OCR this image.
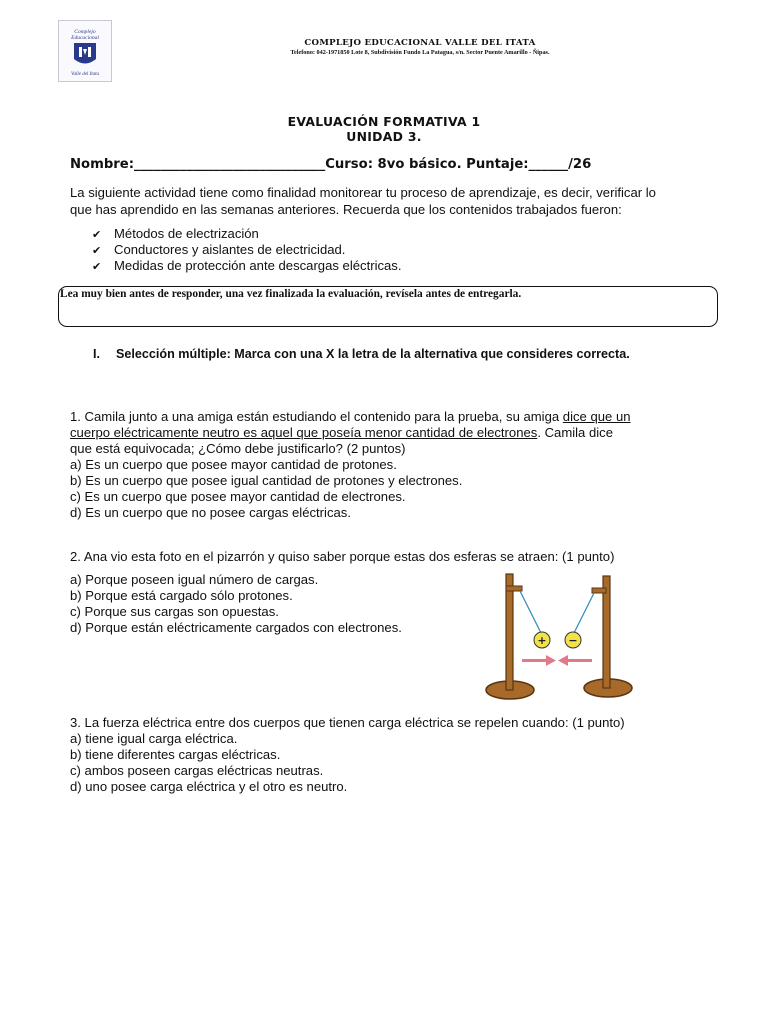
Complejo
Educacional
Valle del Itata
COMPLEJO EDUCACIONAL VALLE DEL ITATA
Telefono: 042-1971850 Lote 8, Subdivisión Fundo La Patagua, s/n. Sector Puente Amarillo - Ñipas.
EVALUACIÓN FORMATIVA 1
UNIDAD 3.
Nombre:_____________________________Curso: 8vo básico. Puntaje:______/26
La siguiente actividad tiene como finalidad monitorear tu proceso de aprendizaje, es decir, verificar lo
que has aprendido en las semanas anteriores. Recuerda que los contenidos trabajados fueron:
✔ Métodos de electrización
✔ Conductores y aislantes de electricidad.
✔ Medidas de protección ante descargas eléctricas.
Lea muy bien antes de responder, una vez finalizada la evaluación, revísela antes de entregarla.
I. Selección múltiple: Marca con una X la letra de la alternativa que consideres correcta.
1. Camila junto a una amiga están estudiando el contenido para la prueba, su amiga dice que un
cuerpo eléctricamente neutro es aquel que poseía menor cantidad de electrones. Camila dice
que está equivocada; ¿Cómo debe justificarlo? (2 puntos)
a) Es un cuerpo que posee mayor cantidad de protones.
b) Es un cuerpo que posee igual cantidad de protones y electrones.
c) Es un cuerpo que posee mayor cantidad de electrones.
d) Es un cuerpo que no posee cargas eléctricas.
2. Ana vio esta foto en el pizarrón y quiso saber porque estas dos esferas se atraen: (1 punto)
a) Porque poseen igual número de cargas.
b) Porque está cargado sólo protones.
c) Porque sus cargas son opuestas.
d) Porque están eléctricamente cargados con electrones.
+ −
3. La fuerza eléctrica entre dos cuerpos que tienen carga eléctrica se repelen cuando: (1 punto)
a) tiene igual carga eléctrica.
b) tiene diferentes cargas eléctricas.
c) ambos poseen cargas eléctricas neutras.
d) uno posee carga eléctrica y el otro es neutro.
